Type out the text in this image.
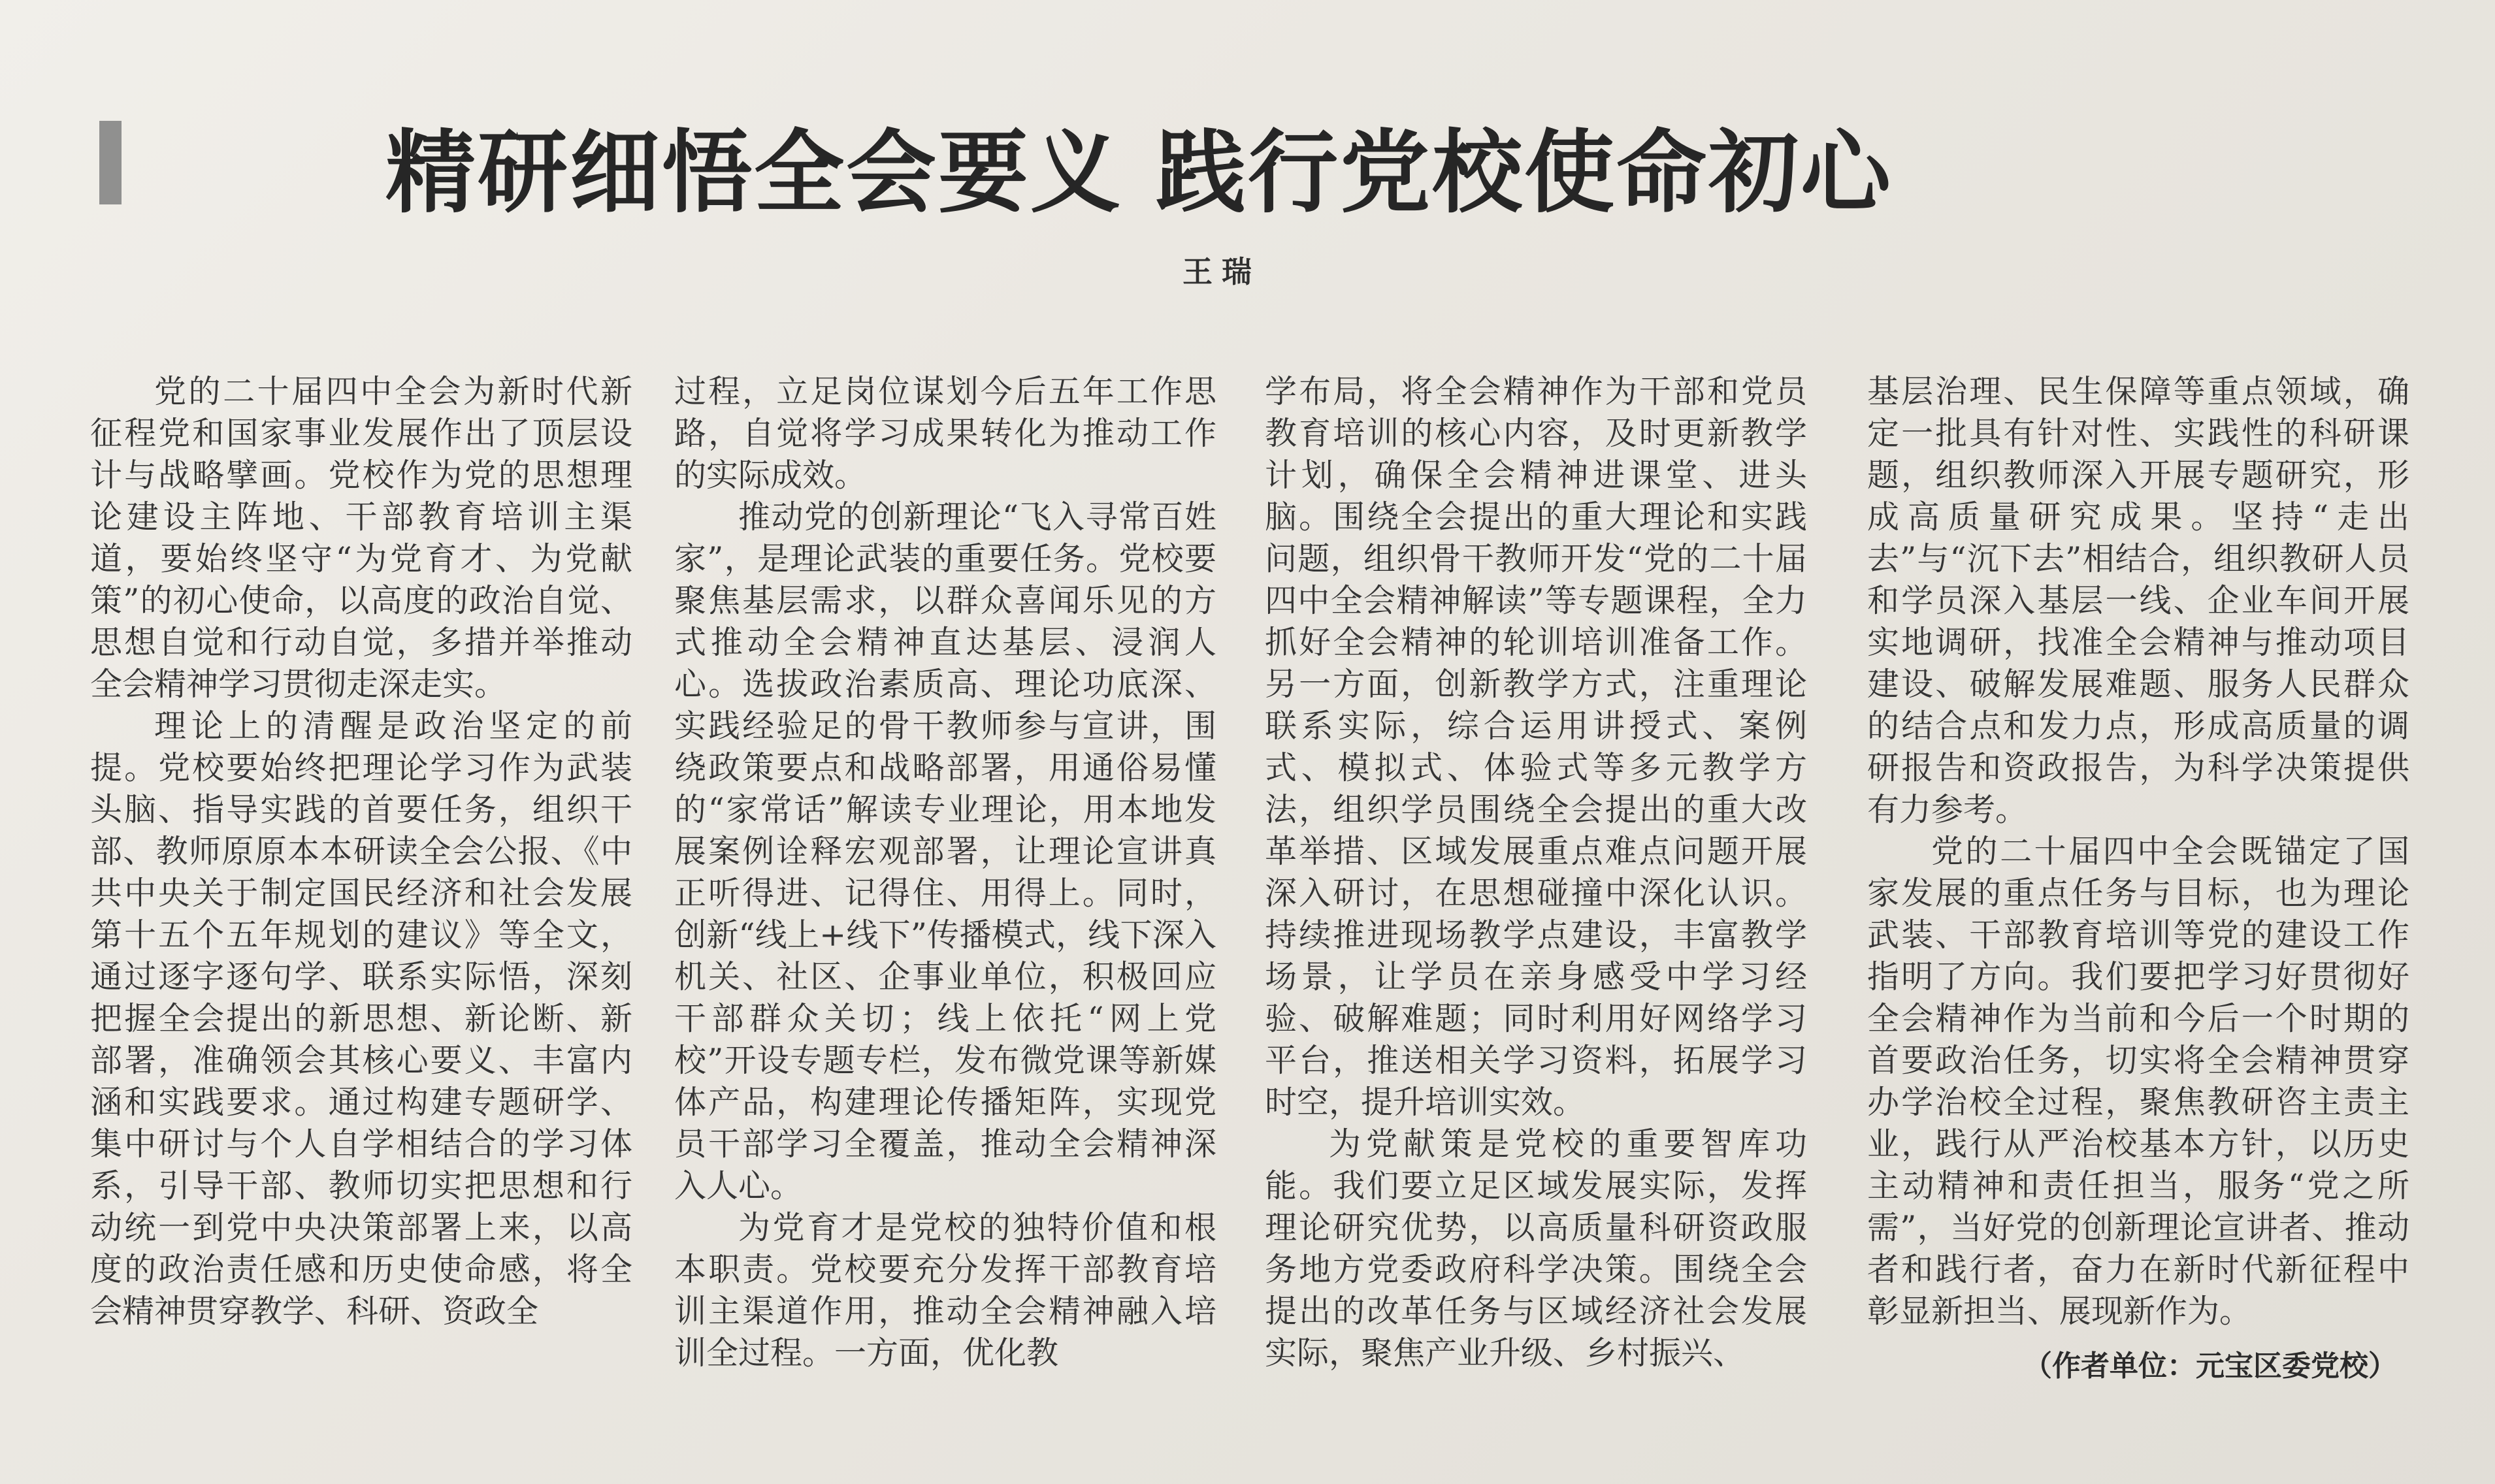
精研细悟全会要义 践行党校使命初心
王瑞

党的二十届四中全会为新时代新征程党和国家事业发展作出了顶层设计与战略擘画。党校作为党的思想理论建设主阵地、干部教育培训主渠道，要始终坚守“为党育才、为党献策”的初心使命，以高度的政治自觉、思想自觉和行动自觉，多措并举推动全会精神学习贯彻走深走实。

理论上的清醒是政治坚定的前提。党校要始终把理论学习作为武装头脑、指导实践的首要任务，组织干部、教师原原本本研读全会公报、《中共中央关于制定国民经济和社会发展第十五个五年规划的建议》等全文，通过逐字逐句学、联系实际悟，深刻把握全会提出的新思想、新论断、新部署，准确领会其核心要义、丰富内涵和实践要求。通过构建专题研学、集中研讨与个人自学相结合的学习体系，引导干部、教师切实把思想和行动统一到党中央决策部署上来，以高度的政治责任感和历史使命感，将全会精神贯穿教学、科研、资政全

过程，立足岗位谋划今后五年工作思路，自觉将学习成果转化为推动工作的实际成效。

推动党的创新理论“飞入寻常百姓家”，是理论武装的重要任务。党校要聚焦基层需求，以群众喜闻乐见的方式推动全会精神直达基层、浸润人心。选拔政治素质高、理论功底深、实践经验足的骨干教师参与宣讲，围绕政策要点和战略部署，用通俗易懂的“家常话”解读专业理论，用本地发展案例诠释宏观部署，让理论宣讲真正听得进、记得住、用得上。同时，创新“线上+线下”传播模式，线下深入机关、社区、企事业单位，积极回应干部群众关切；线上依托“网上党校”开设专题专栏，发布微党课等新媒体产品，构建理论传播矩阵，实现党员干部学习全覆盖，推动全会精神深入人心。

为党育才是党校的独特价值和根本职责。党校要充分发挥干部教育培训主渠道作用，推动全会精神融入培训全过程。一方面，优化教

学布局，将全会精神作为干部和党员教育培训的核心内容，及时更新教学计划，确保全会精神进课堂、进头脑。围绕全会提出的重大理论和实践问题，组织骨干教师开发“党的二十届四中全会精神解读”等专题课程，全力抓好全会精神的轮训培训准备工作。另一方面，创新教学方式，注重理论联系实际，综合运用讲授式、案例式、模拟式、体验式等多元教学方法，组织学员围绕全会提出的重大改革举措、区域发展重点难点问题开展深入研讨，在思想碰撞中深化认识。持续推进现场教学点建设，丰富教学场景，让学员在亲身感受中学习经验、破解难题；同时利用好网络学习平台，推送相关学习资料，拓展学习时空，提升培训实效。

为党献策是党校的重要智库功能。我们要立足区域发展实际，发挥理论研究优势，以高质量科研资政服务地方党委政府科学决策。围绕全会提出的改革任务与区域经济社会发展实际，聚焦产业升级、乡村振兴、

基层治理、民生保障等重点领域，确定一批具有针对性、实践性的科研课题，组织教师深入开展专题研究，形成高质量研究成果。坚持“走出去”与“沉下去”相结合，组织教研人员和学员深入基层一线、企业车间开展实地调研，找准全会精神与推动项目建设、破解发展难题、服务人民群众的结合点和发力点，形成高质量的调研报告和资政报告，为科学决策提供有力参考。

党的二十届四中全会既锚定了国家发展的重点任务与目标，也为理论武装、干部教育培训等党的建设工作指明了方向。我们要把学习好贯彻好全会精神作为当前和今后一个时期的首要政治任务，切实将全会精神贯穿办学治校全过程，聚焦教研咨主责主业，践行从严治校基本方针，以历史主动精神和责任担当，服务“党之所需”，当好党的创新理论宣讲者、推动者和践行者，奋力在新时代新征程中彰显新担当、展现新作为。

（作者单位：元宝区委党校）
